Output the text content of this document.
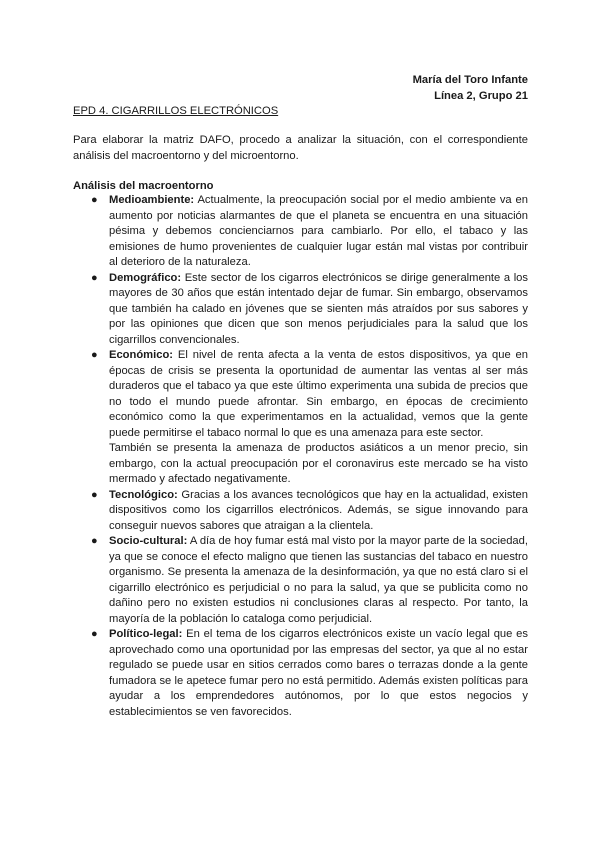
María del Toro Infante
Línea 2, Grupo 21
EPD 4. CIGARRILLOS ELECTRÓNICOS
Para elaborar la matriz DAFO, procedo a analizar la situación, con el correspondiente análisis del macroentorno y del microentorno.
Análisis del macroentorno
● Medioambiente: Actualmente, la preocupación social por el medio ambiente va en aumento por noticias alarmantes de que el planeta se encuentra en una situación pésima y debemos concienciarnos para cambiarlo. Por ello, el tabaco y las emisiones de humo provenientes de cualquier lugar están mal vistas por contribuir al deterioro de la naturaleza.

● Demográfico: Este sector de los cigarros electrónicos se dirige generalmente a los mayores de 30 años que están intentado dejar de fumar. Sin embargo, observamos que también ha calado en jóvenes que se sienten más atraídos por sus sabores y por las opiniones que dicen que son menos perjudiciales para la salud que los cigarrillos convencionales.

● Económico: El nivel de renta afecta a la venta de estos dispositivos, ya que en épocas de crisis se presenta la oportunidad de aumentar las ventas al ser más duraderos que el tabaco ya que este último experimenta una subida de precios que no todo el mundo puede afrontar. Sin embargo, en épocas de crecimiento económico como la que experimentamos en la actualidad, vemos que la gente puede permitirse el tabaco normal lo que es una amenaza para este sector.

También se presenta la amenaza de productos asiáticos a un menor precio, sin embargo, con la actual preocupación por el coronavirus este mercado se ha visto mermado y afectado negativamente.

● Tecnológico: Gracias a los avances tecnológicos que hay en la actualidad, existen dispositivos como los cigarrillos electrónicos. Además, se sigue innovando para conseguir nuevos sabores que atraigan a la clientela.

● Socio-cultural: A día de hoy fumar está mal visto por la mayor parte de la sociedad, ya que se conoce el efecto maligno que tienen las sustancias del tabaco en nuestro organismo. Se presenta la amenaza de la desinformación, ya que no está claro si el cigarrillo electrónico es perjudicial o no para la salud, ya que se publicita como no dañino pero no existen estudios ni conclusiones claras al respecto. Por tanto, la mayoría de la población lo cataloga como perjudicial.

● Político-legal: En el tema de los cigarros electrónicos existe un vacío legal que es aprovechado como una oportunidad por las empresas del sector, ya que al no estar regulado se puede usar en sitios cerrados como bares o terrazas donde a la gente fumadora se le apetece fumar pero no está permitido. Además existen políticas para ayudar a los emprendedores autónomos, por lo que estos negocios y establecimientos se ven favorecidos.
